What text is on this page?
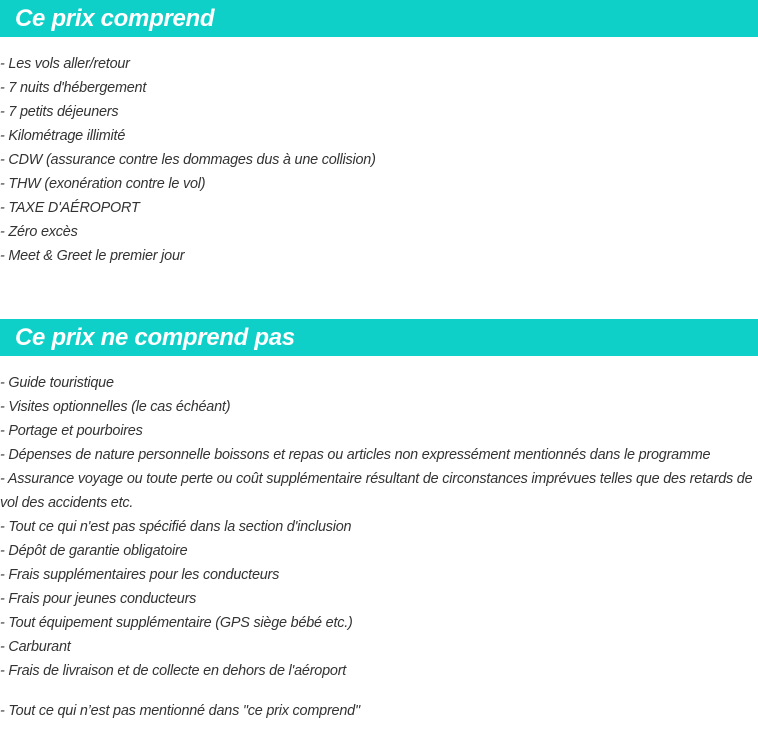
Ce prix comprend
- Les vols aller/retour
- 7 nuits d'hébergement
- 7 petits déjeuners
- Kilométrage illimité
- CDW (assurance contre les dommages dus à une collision)
- THW (exonération contre le vol)
- TAXE D'AÉROPORT
- Zéro excès
- Meet & Greet le premier jour
Ce prix ne comprend pas
- Guide touristique
- Visites optionnelles (le cas échéant)
- Portage et pourboires
- Dépenses de nature personnelle boissons et repas ou articles non expressément mentionnés dans le programme
- Assurance voyage ou toute perte ou coût supplémentaire résultant de circonstances imprévues telles que des retards de vol des accidents etc.
- Tout ce qui n'est pas spécifié dans la section d'inclusion
- Dépôt de garantie obligatoire
- Frais supplémentaires pour les conducteurs
- Frais pour jeunes conducteurs
- Tout équipement supplémentaire (GPS siège bébé etc.)
- Carburant
- Frais de livraison et de collecte en dehors de l'aéroport

- Tout ce qui n’est pas mentionné dans "ce prix comprend"
